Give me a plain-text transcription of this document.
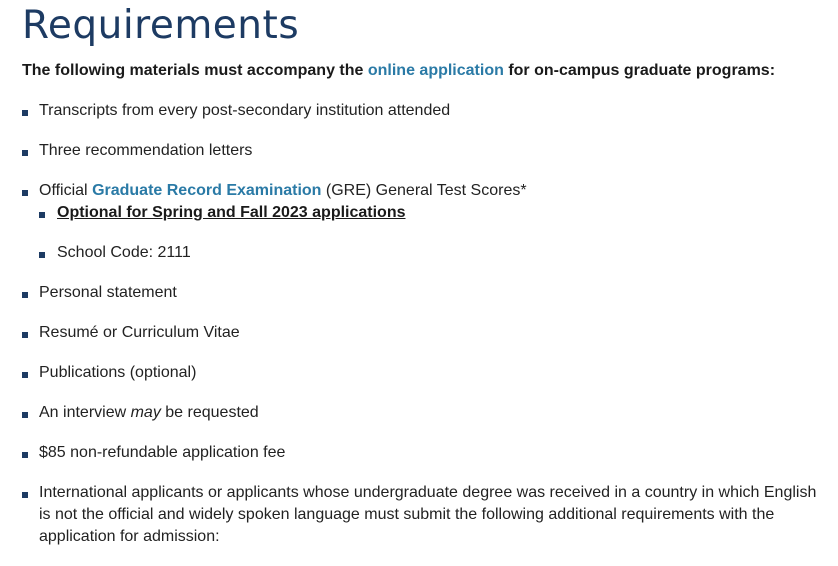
Requirements

The following materials must accompany the online application for on-campus graduate programs:

Transcripts from every post-secondary institution attended
Three recommendation letters
Official Graduate Record Examination (GRE) General Test Scores*
Optional for Spring and Fall 2023 applications
School Code: 2111
Personal statement
Resumé or Curriculum Vitae
Publications (optional)
An interview may be requested
$85 non-refundable application fee
International applicants or applicants whose undergraduate degree was received in a country in which English is not the official and widely spoken language must submit the following additional requirements with the application for admission:
